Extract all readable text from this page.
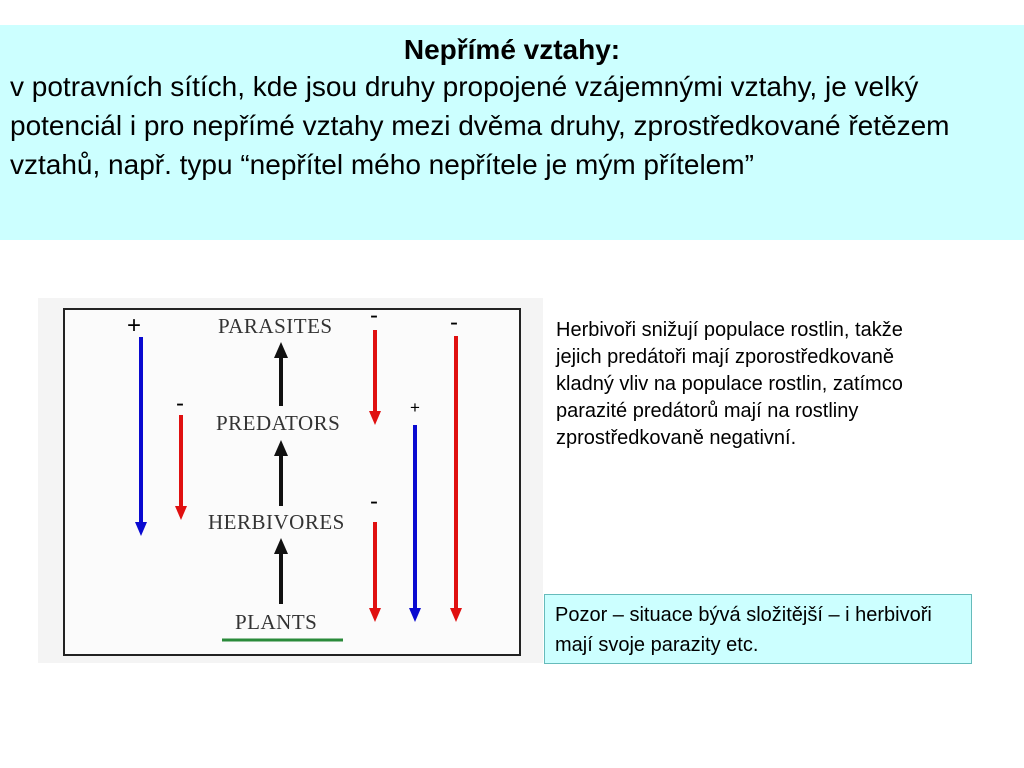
Nepřímé vztahy:

v potravních sítích, kde jsou druhy propojené vzájemnými vztahy, je velký potenciál i pro nepřímé vztahy mezi dvěma druhy, zprostředkované řetězem vztahů, např. typu “nepřítel mého nepřítele je mým přítelem”

PARASITES
PREDATORS
HERBIVORES
PLANTS
+
-
-	-
+
-
Herbivoři snižují populace rostlin, takže jejich predátoři mají zporostředkovaně kladný vliv na populace rostlin, zatímco parazité predátorů mají na rostliny zprostředkovaně negativní.
Pozor – situace bývá složitější – i herbivoři mají svoje parazity etc.
